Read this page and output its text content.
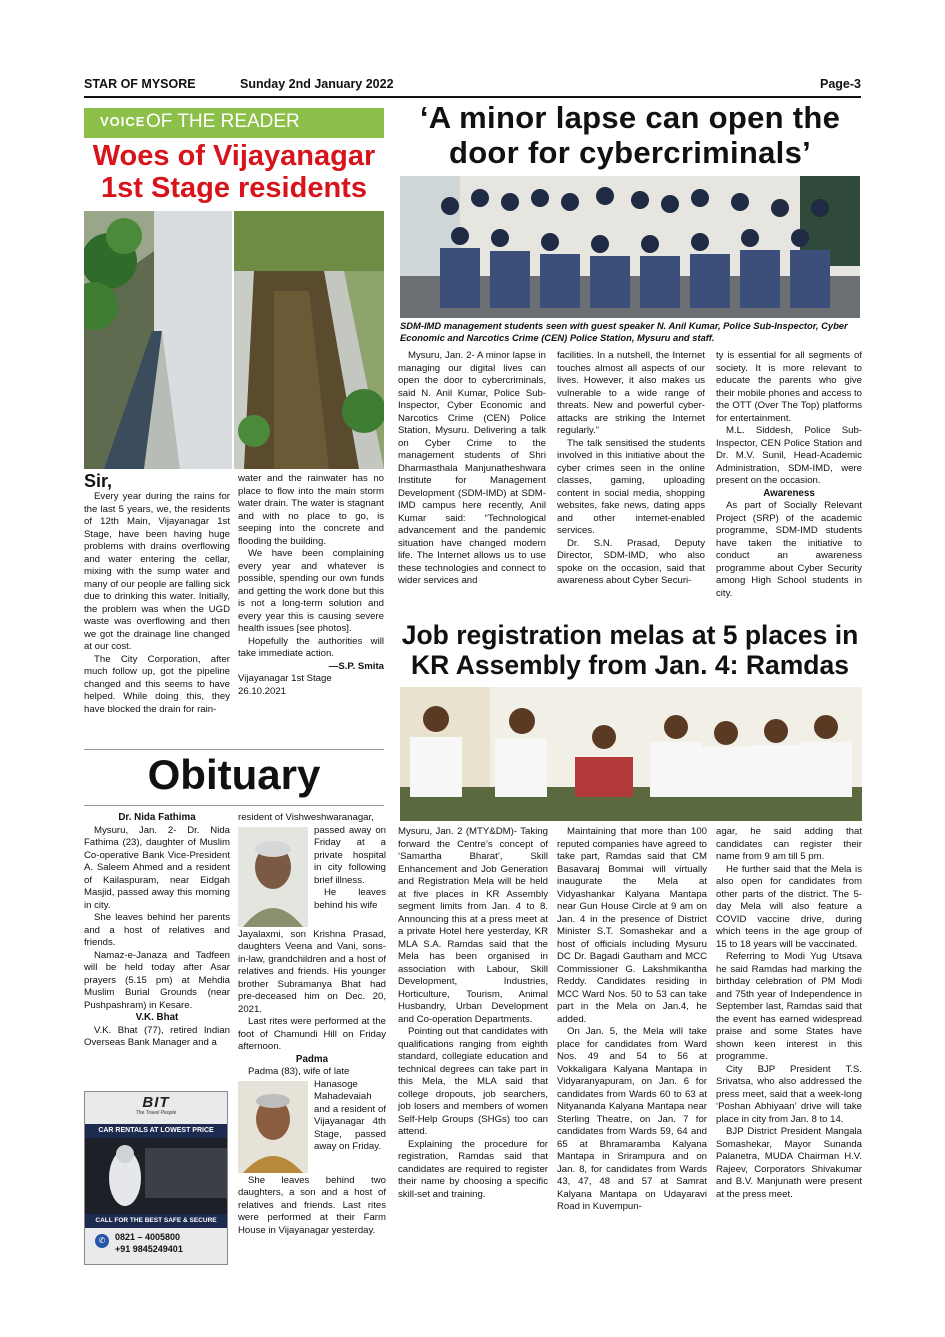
STAR OF MYSORE	Sunday 2nd January 2022	Page-3
VOICE OF THE READER
Woes of Vijayanagar
1st Stage residents

Sir,

Every year during the rains for the last 5 years, we, the residents of 12th Main, Vijayanagar 1st Stage, have been having huge problems with drains overflowing and water entering the cellar, mixing with the sump water and many of our people are falling sick due to drinking this water. Initially, the problem was when the UGD waste was overflowing and then we got the drainage line changed at our cost.

The City Corporation, after much follow up, got the pipeline changed and this seems to have helped. While doing this, they have blocked the drain for rain-

water and the rainwater has no place to flow into the main storm water drain. The water is stagnant and with no place to go, is seeping into the concrete and flooding the building.

We have been complaining every year and whatever is possible, spending our own funds and getting the work done but this is not a long-term solution and every year this is causing severe health issues [see photos].

Hopefully the authorities will take immediate action.

—S.P. Smita

Vijayanagar 1st Stage

26.10.2021

‘A minor lapse can open the
door for cybercriminals’
SDM-IMD management students seen with guest speaker N. Anil Kumar, Police Sub-Inspector, Cyber Economic and Narcotics Crime (CEN) Police Station, Mysuru and staff.

Mysuru, Jan. 2- A minor lapse in managing our digital lives can open the door to cybercriminals, said N. Anil Kumar, Police Sub-Inspector, Cyber Economic and Narcotics Crime (CEN) Police Station, Mysuru. Delivering a talk on Cyber Crime to the management students of Shri Dharmasthala Manjunatheshwara Institute for Management Development (SDM-IMD) at SDM-IMD campus here recently, Anil Kumar said: “Technological advancement and the pandemic situation have changed modern life. The Internet allows us to use these technologies and connect to wider services and

facilities. In a nutshell, the Internet touches almost all aspects of our lives. However, it also makes us vulnerable to a wide range of threats. New and powerful cyber-attacks are striking the Internet regularly.”

The talk sensitised the students involved in this initiative about the cyber crimes seen in the online classes, gaming, uploading content in social media, shopping websites, fake news, dating apps and other internet-enabled services.

Dr. S.N. Prasad, Deputy Director, SDM-IMD, who also spoke on the occasion, said that awareness about Cyber Securi-

ty is essential for all segments of society. It is more relevant to educate the parents who give their mobile phones and access to the OTT (Over The Top) platforms for entertainment.

M.L. Siddesh, Police Sub-Inspector, CEN Police Station and Dr. M.V. Sunil, Head-Academic Administration, SDM-IMD, were present on the occasion.

Awareness

As part of Socially Relevant Project (SRP) of the academic programme, SDM-IMD students have taken the initiative to conduct an awareness programme about Cyber Security among High School students in city.

Job registration melas at 5 places in
KR Assembly from Jan. 4: Ramdas

Mysuru, Jan. 2 (MTY&DM)- Taking forward the Centre’s concept of ‘Samartha Bharat’, Skill Enhancement and Job Generation and Registration Mela will be held at five places in KR Assembly segment limits from Jan. 4 to 8. Announcing this at a press meet at a private Hotel here yesterday, KR MLA S.A. Ramdas said that the Mela has been organised in association with Labour, Skill Development, Industries, Horticulture, Tourism, Animal Husbandry, Urban Development and Co-operation Departments.

Pointing out that candidates with qualifications ranging from eighth standard, collegiate education and technical degrees can take part in this Mela, the MLA said that college dropouts, job searchers, job losers and members of women Self-Help Groups (SHGs) too can attend.

Explaining the procedure for registration, Ramdas said that candidates are required to register their name by choosing a specific skill-set and training.

Maintaining that more than 100 reputed companies have agreed to take part, Ramdas said that CM Basavaraj Bommai will virtually inaugurate the Mela at Vidyashankar Kalyana Mantapa near Gun House Circle at 9 am on Jan. 4 in the presence of District Minister S.T. Somashekar and a host of officials including Mysuru DC Dr. Bagadi Gautham and MCC Commissioner G. Lakshmikantha Reddy. Candidates residing in MCC Ward Nos. 50 to 53 can take part in the Mela on Jan.4, he added.

On Jan. 5, the Mela will take place for candidates from Ward Nos. 49 and 54 to 56 at Vokkaligara Kalyana Mantapa in Vidyaranyapuram, on Jan. 6 for candidates from Wards 60 to 63 at Nityananda Kalyana Mantapa near Sterling Theatre, on Jan. 7 for candidates from Wards 59, 64 and 65 at Bhramaramba Kalyana Mantapa in Srirampura and on Jan. 8, for candidates from Wards 43, 47, 48 and 57 at Samrat Kalyana Mantapa on Udayaravi Road in Kuvempun-

agar, he said adding that candidates can register their name from 9 am till 5 pm.

He further said that the Mela is also open for candidates from other parts of the district. The 5-day Mela will also feature a COVID vaccine drive, during which teens in the age group of 15 to 18 years will be vaccinated.

Referring to Modi Yug Utsava he said Ramdas had marking the birthday celebration of PM Modi and 75th year of Independence in September last, Ramdas said that the event has earned widespread praise and some States have shown keen interest in this programme.

City BJP President T.S. Srivatsa, who also addressed the press meet, said that a week-long ‘Poshan Abhiyaan’ drive will take place in city from Jan. 8 to 14.

BJP District President Mangala Somashekar, Mayor Sunanda Palanetra, MUDA Chairman H.V. Rajeev, Corporators Shivakumar and B.V. Manjunath were present at the press meet.

Obituary
Dr. Nida Fathima

Mysuru, Jan. 2- Dr. Nida Fathima (23), daughter of Muslim Co-operative Bank Vice-President A. Saleem Ahmed and a resident of Kailaspuram, near Eidgah Masjid, passed away this morning in city.

She leaves behind her parents and a host of relatives and friends.

Namaz-e-Janaza and Tadfeen will be held today after Asar prayers (5.15 pm) at Mehdia Muslim Burial Grounds (near Pushpashram) in Kesare.

V.K. Bhat

V.K. Bhat (77), retired Indian Overseas Bank Manager and a

resident of Vishweshwaranagar,

passed away on Friday at a private hospital in city following brief illness.

He leaves behind his wife

Jayalaxmi, son Krishna Prasad, daughters Veena and Vani, sons-in-law, grandchildren and a host of relatives and friends. His younger brother Subramanya Bhat had pre-deceased him on Dec. 20, 2021.

Last rites were performed at the foot of Chamundi Hill on Friday afternoon.

Padma

Padma (83), wife of late

Hanasoge Mahadevaiah and a resident of Vijayanagar 4th Stage, passed away on Friday.

She leaves behind two daughters, a son and a host of relatives and friends. Last rites were performed at their Farm House in Vijayanagar yesterday.

BIT
The Travel People
CAR RENTALS AT LOWEST PRICE
CALL FOR THE BEST SAFE & SECURE
✆	0821 – 4005800
+91 9845249401
